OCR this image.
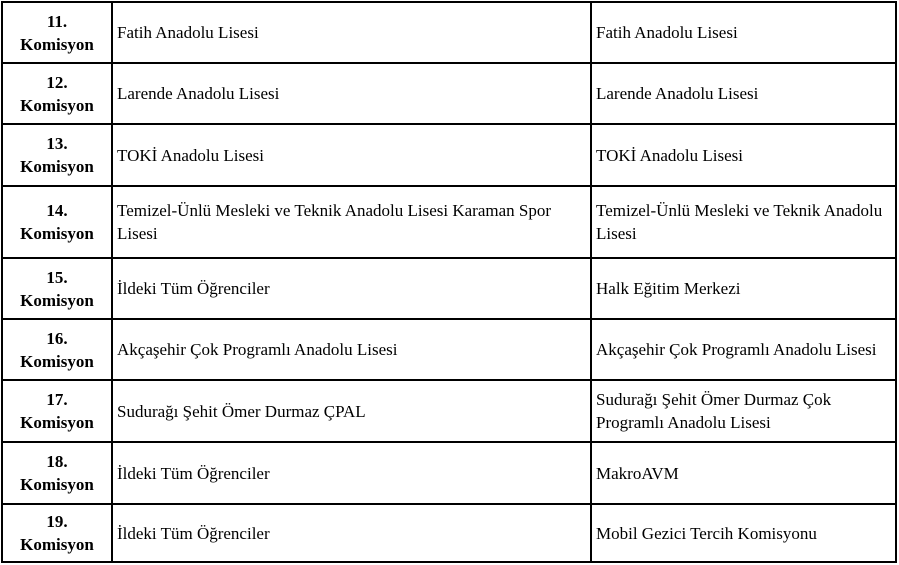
11.
Komisyon	Fatih Anadolu Lisesi	Fatih Anadolu Lisesi
12.
Komisyon	Larende Anadolu Lisesi	Larende Anadolu Lisesi
13.
Komisyon	TOKİ Anadolu Lisesi	TOKİ Anadolu Lisesi
14.
Komisyon	Temizel-Ünlü Mesleki ve Teknik Anadolu Lisesi Karaman Spor Lisesi	Temizel-Ünlü Mesleki ve Teknik Anadolu Lisesi
15.
Komisyon	İldeki Tüm Öğrenciler	Halk Eğitim Merkezi
16.
Komisyon	Akçaşehir Çok Programlı Anadolu Lisesi	Akçaşehir Çok Programlı Anadolu Lisesi
17.
Komisyon	Sudurağı Şehit Ömer Durmaz ÇPAL	Sudurağı Şehit Ömer Durmaz Çok Programlı Anadolu Lisesi
18.
Komisyon	İldeki Tüm Öğrenciler	MakroAVM
19.
Komisyon	İldeki Tüm Öğrenciler	Mobil Gezici Tercih Komisyonu
